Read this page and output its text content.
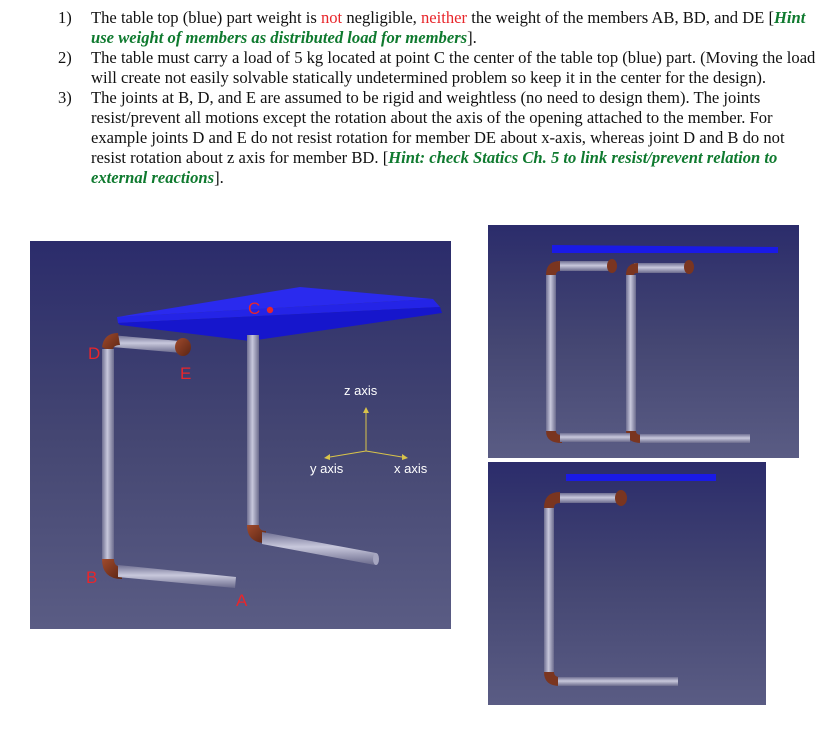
1) The table top (blue) part weight is not negligible, neither the weight of the members AB, BD, and DE [Hint use weight of members as distributed load for members].
2) The table must carry a load of 5 kg located at point C the center of the table top (blue) part. (Moving the load will create not easily solvable statically undetermined problem so keep it in the center for the design).
3) The joints at B, D, and E are assumed to be rigid and weightless (no need to design them). The joints resist/prevent all motions except the rotation about the axis of the opening attached to the member. For example joints D and E do not resist rotation for member DE about x-axis, whereas joint D and B do not resist rotation about z axis for member BD. [Hint: check Statics Ch. 5 to link resist/prevent relation to external reactions].
C
D
E
B
A
z axis
y axis	x axis
